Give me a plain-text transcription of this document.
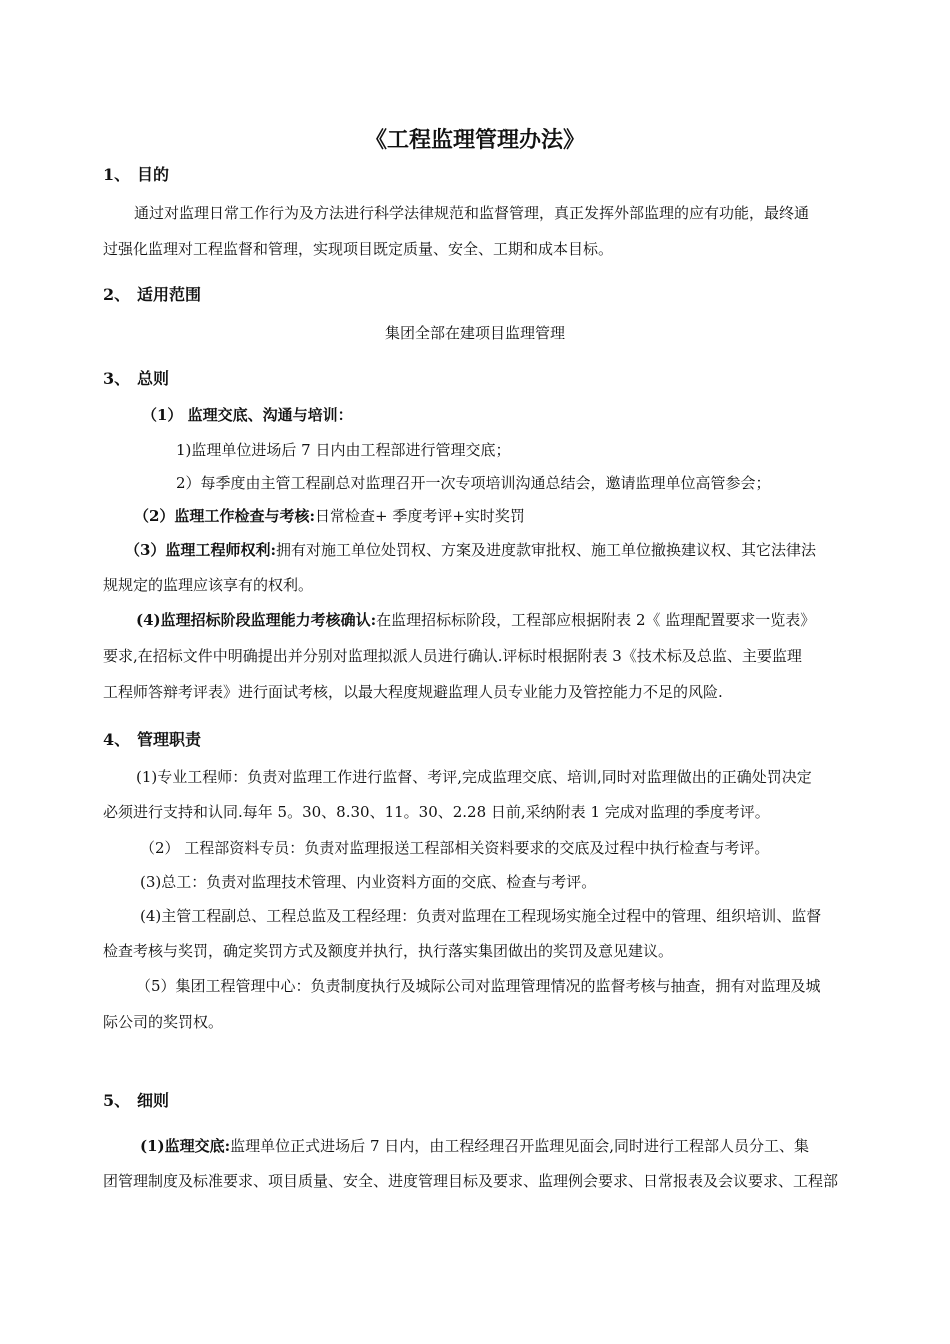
《工程监理管理办法》
1、 目的
通过对监理日常工作行为及方法进行科学法律规范和监督管理，真正发挥外部监理的应有功能，最终通
过强化监理对工程监督和管理，实现项目既定质量、安全、工期和成本目标。
2、 适用范围
集团全部在建项目监理管理
3、 总则
（1） 监理交底、沟通与培训：
1)监理单位进场后 7 日内由工程部进行管理交底；
2）每季度由主管工程副总对监理召开一次专项培训沟通总结会，邀请监理单位高管参会；
（2）监理工作检查与考核:日常检查+ 季度考评+实时奖罚
（3）监理工程师权利:拥有对施工单位处罚权、方案及进度款审批权、施工单位撤换建议权、其它法律法
规规定的监理应该享有的权利。
(4)监理招标阶段监理能力考核确认:在监理招标标阶段，工程部应根据附表 2《 监理配置要求一览表》
要求,在招标文件中明确提出并分别对监理拟派人员进行确认.评标时根据附表 3《技术标及总监、主要监理
工程师答辩考评表》进行面试考核，以最大程度规避监理人员专业能力及管控能力不足的风险.
4、 管理职责
(1)专业工程师：负责对监理工作进行监督、考评,完成监理交底、培训,同时对监理做出的正确处罚决定
必须进行支持和认同.每年 5。30、8.30、11。30、2.28 日前,采纳附表 1 完成对监理的季度考评。
（2） 工程部资料专员：负责对监理报送工程部相关资料要求的交底及过程中执行检查与考评。
(3)总工：负责对监理技术管理、内业资料方面的交底、检查与考评。
(4)主管工程副总、工程总监及工程经理：负责对监理在工程现场实施全过程中的管理、组织培训、监督
检查考核与奖罚，确定奖罚方式及额度并执行，执行落实集团做出的奖罚及意见建议。
（5）集团工程管理中心：负责制度执行及城际公司对监理管理情况的监督考核与抽查，拥有对监理及城
际公司的奖罚权。
5、 细则
(1)监理交底:监理单位正式进场后 7 日内，由工程经理召开监理见面会,同时进行工程部人员分工、集
团管理制度及标准要求、项目质量、安全、进度管理目标及要求、监理例会要求、日常报表及会议要求、工程部
